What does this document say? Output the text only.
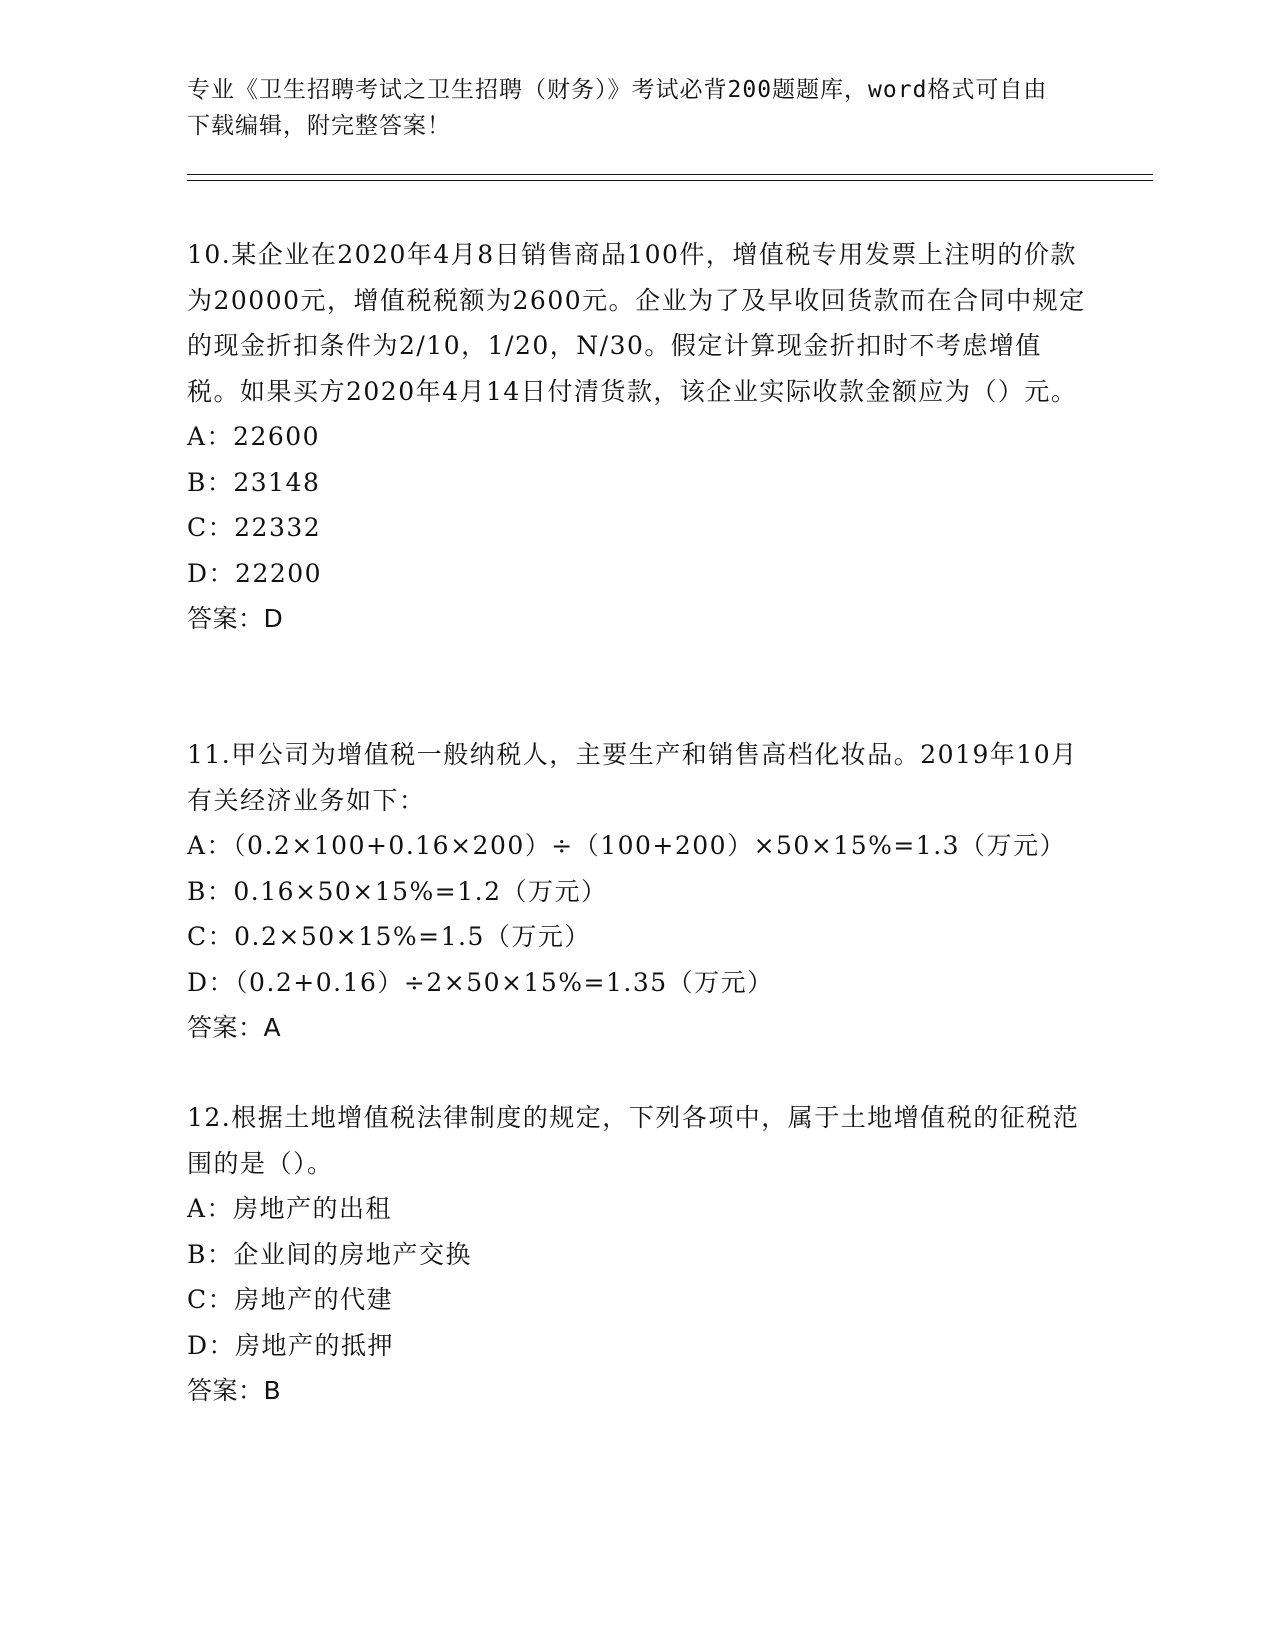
专业《卫生招聘考试之卫生招聘（财务）》考试必背200题题库，word格式可自由下载编辑，附完整答案！

10.某企业在2020年4月8日销售商品100件，增值税专用发票上注明的价款为20000元，增值税税额为2600元。企业为了及早收回货款而在合同中规定的现金折扣条件为2/10，1/20，N/30。假定计算现金折扣时不考虑增值税。如果买方2020年4月14日付清货款，该企业实际收款金额应为（）元。

A：22600
B：23148
C：22332
D：22200
答案：D

11.甲公司为增值税一般纳税人，主要生产和销售高档化妆品。2019年10月有关经济业务如下：

A：（0.2×100+0.16×200）÷（100+200）×50×15%=1.3（万元）
B：0.16×50×15%=1.2（万元）
C：0.2×50×15%=1.5（万元）
D：（0.2+0.16）÷2×50×15%=1.35（万元）
答案：A

12.根据土地增值税法律制度的规定，下列各项中，属于土地增值税的征税范围的是（）。

A：房地产的出租
B：企业间的房地产交换
C：房地产的代建
D：房地产的抵押
答案：B
